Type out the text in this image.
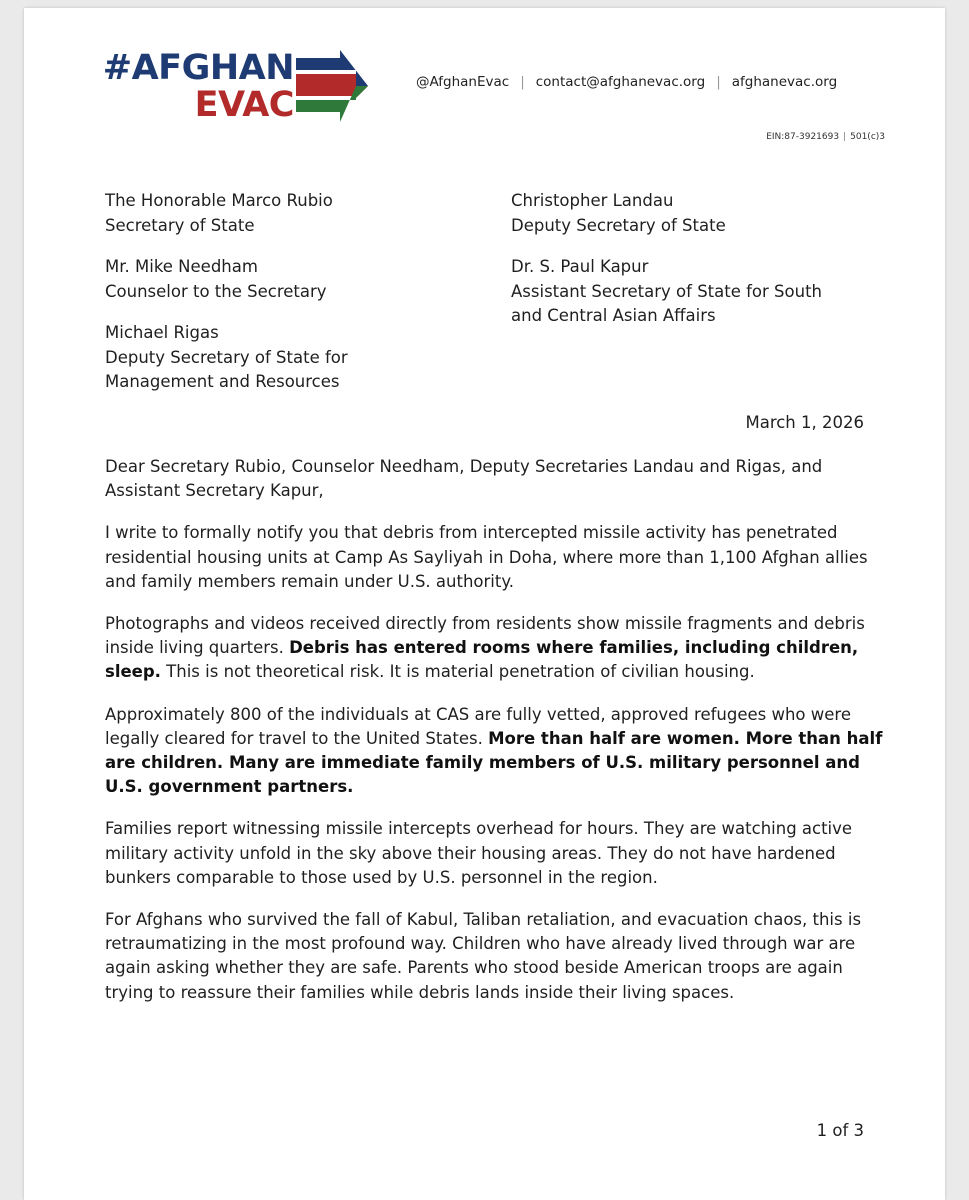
#AFGHAN
EVAC
@AfghanEvac | contact@afghanevac.org | afghanevac.org
EIN:87-3921693 | 501(c)3
The Honorable Marco Rubio
Secretary of State
Mr. Mike Needham
Counselor to the Secretary
Michael Rigas
Deputy Secretary of State for
Management and Resources
Christopher Landau
Deputy Secretary of State
Dr. S. Paul Kapur
Assistant Secretary of State for South
and Central Asian Affairs
March 1, 2026

Dear Secretary Rubio, Counselor Needham, Deputy Secretaries Landau and Rigas, and Assistant Secretary Kapur,

I write to formally notify you that debris from intercepted missile activity has penetrated residential housing units at Camp As Sayliyah in Doha, where more than 1,100 Afghan allies and family members remain under U.S. authority.

Photographs and videos received directly from residents show missile fragments and debris inside living quarters. Debris has entered rooms where families, including children, sleep. This is not theoretical risk. It is material penetration of civilian housing.

Approximately 800 of the individuals at CAS are fully vetted, approved refugees who were legally cleared for travel to the United States. More than half are women. More than half are children. Many are immediate family members of U.S. military personnel and U.S. government partners.

Families report witnessing missile intercepts overhead for hours. They are watching active military activity unfold in the sky above their housing areas. They do not have hardened bunkers comparable to those used by U.S. personnel in the region.

For Afghans who survived the fall of Kabul, Taliban retaliation, and evacuation chaos, this is retraumatizing in the most profound way. Children who have already lived through war are again asking whether they are safe. Parents who stood beside American troops are again trying to reassure their families while debris lands inside their living spaces.

1 of 3
